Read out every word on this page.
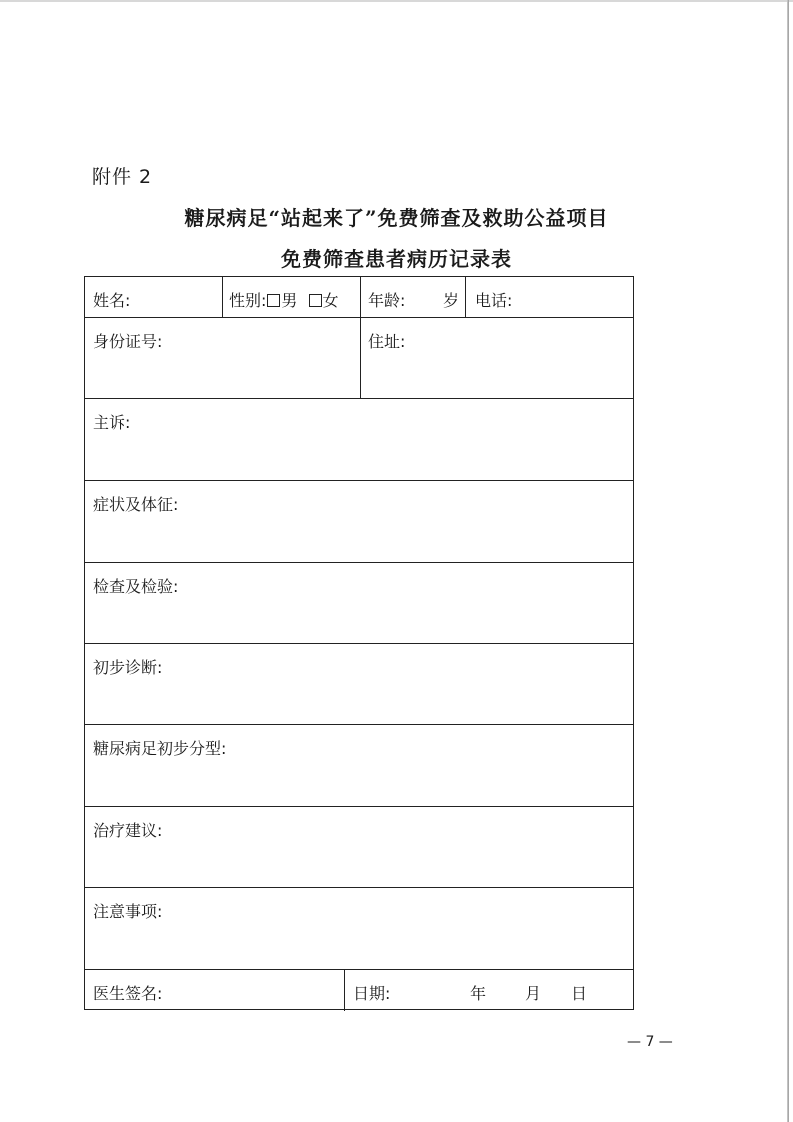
附件 2
糖尿病足“站起来了”免费筛查及救助公益项目
免费筛查患者病历记录表
姓名:	性别: 男 女	年龄: 岁 电话:
身份证号:	住址:
主诉:
症状及体征:
检查及检验:
初步诊断:
糖尿病足初步分型:
治疗建议:
注意事项:
医生签名:	日期:	年 月 日
— 7 —
